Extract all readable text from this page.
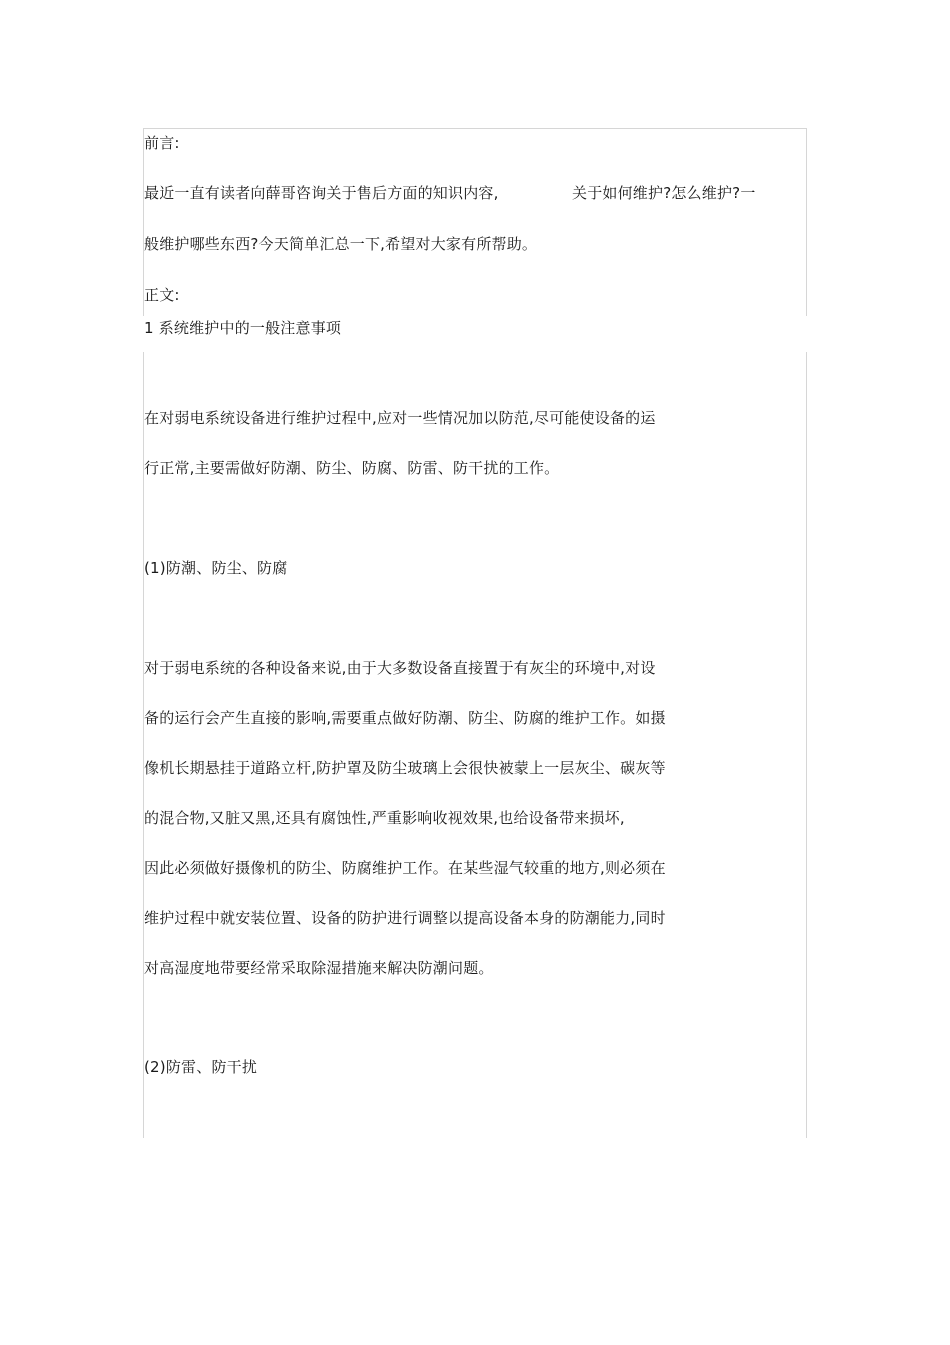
前言:
最近一直有读者向薛哥咨询关于售后方面的知识内容,	关于如何维护?怎么维护?一
般维护哪些东西?今天简单汇总一下,希望对大家有所帮助。
正文:
1 系统维护中的一般注意事项
在对弱电系统设备进行维护过程中,应对一些情况加以防范,尽可能使设备的运
行正常,主要需做好防潮、防尘、防腐、防雷、防干扰的工作。
(1)防潮、防尘、防腐
对于弱电系统的各种设备来说,由于大多数设备直接置于有灰尘的环境中,对设
备的运行会产生直接的影响,需要重点做好防潮、防尘、防腐的维护工作。如摄
像机长期悬挂于道路立杆,防护罩及防尘玻璃上会很快被蒙上一层灰尘、碳灰等
的混合物,又脏又黑,还具有腐蚀性,严重影响收视效果,也给设备带来损坏,
因此必须做好摄像机的防尘、防腐维护工作。在某些湿气较重的地方,则必须在
维护过程中就安装位置、设备的防护进行调整以提高设备本身的防潮能力,同时
对高湿度地带要经常采取除湿措施来解决防潮问题。
(2)防雷、防干扰
